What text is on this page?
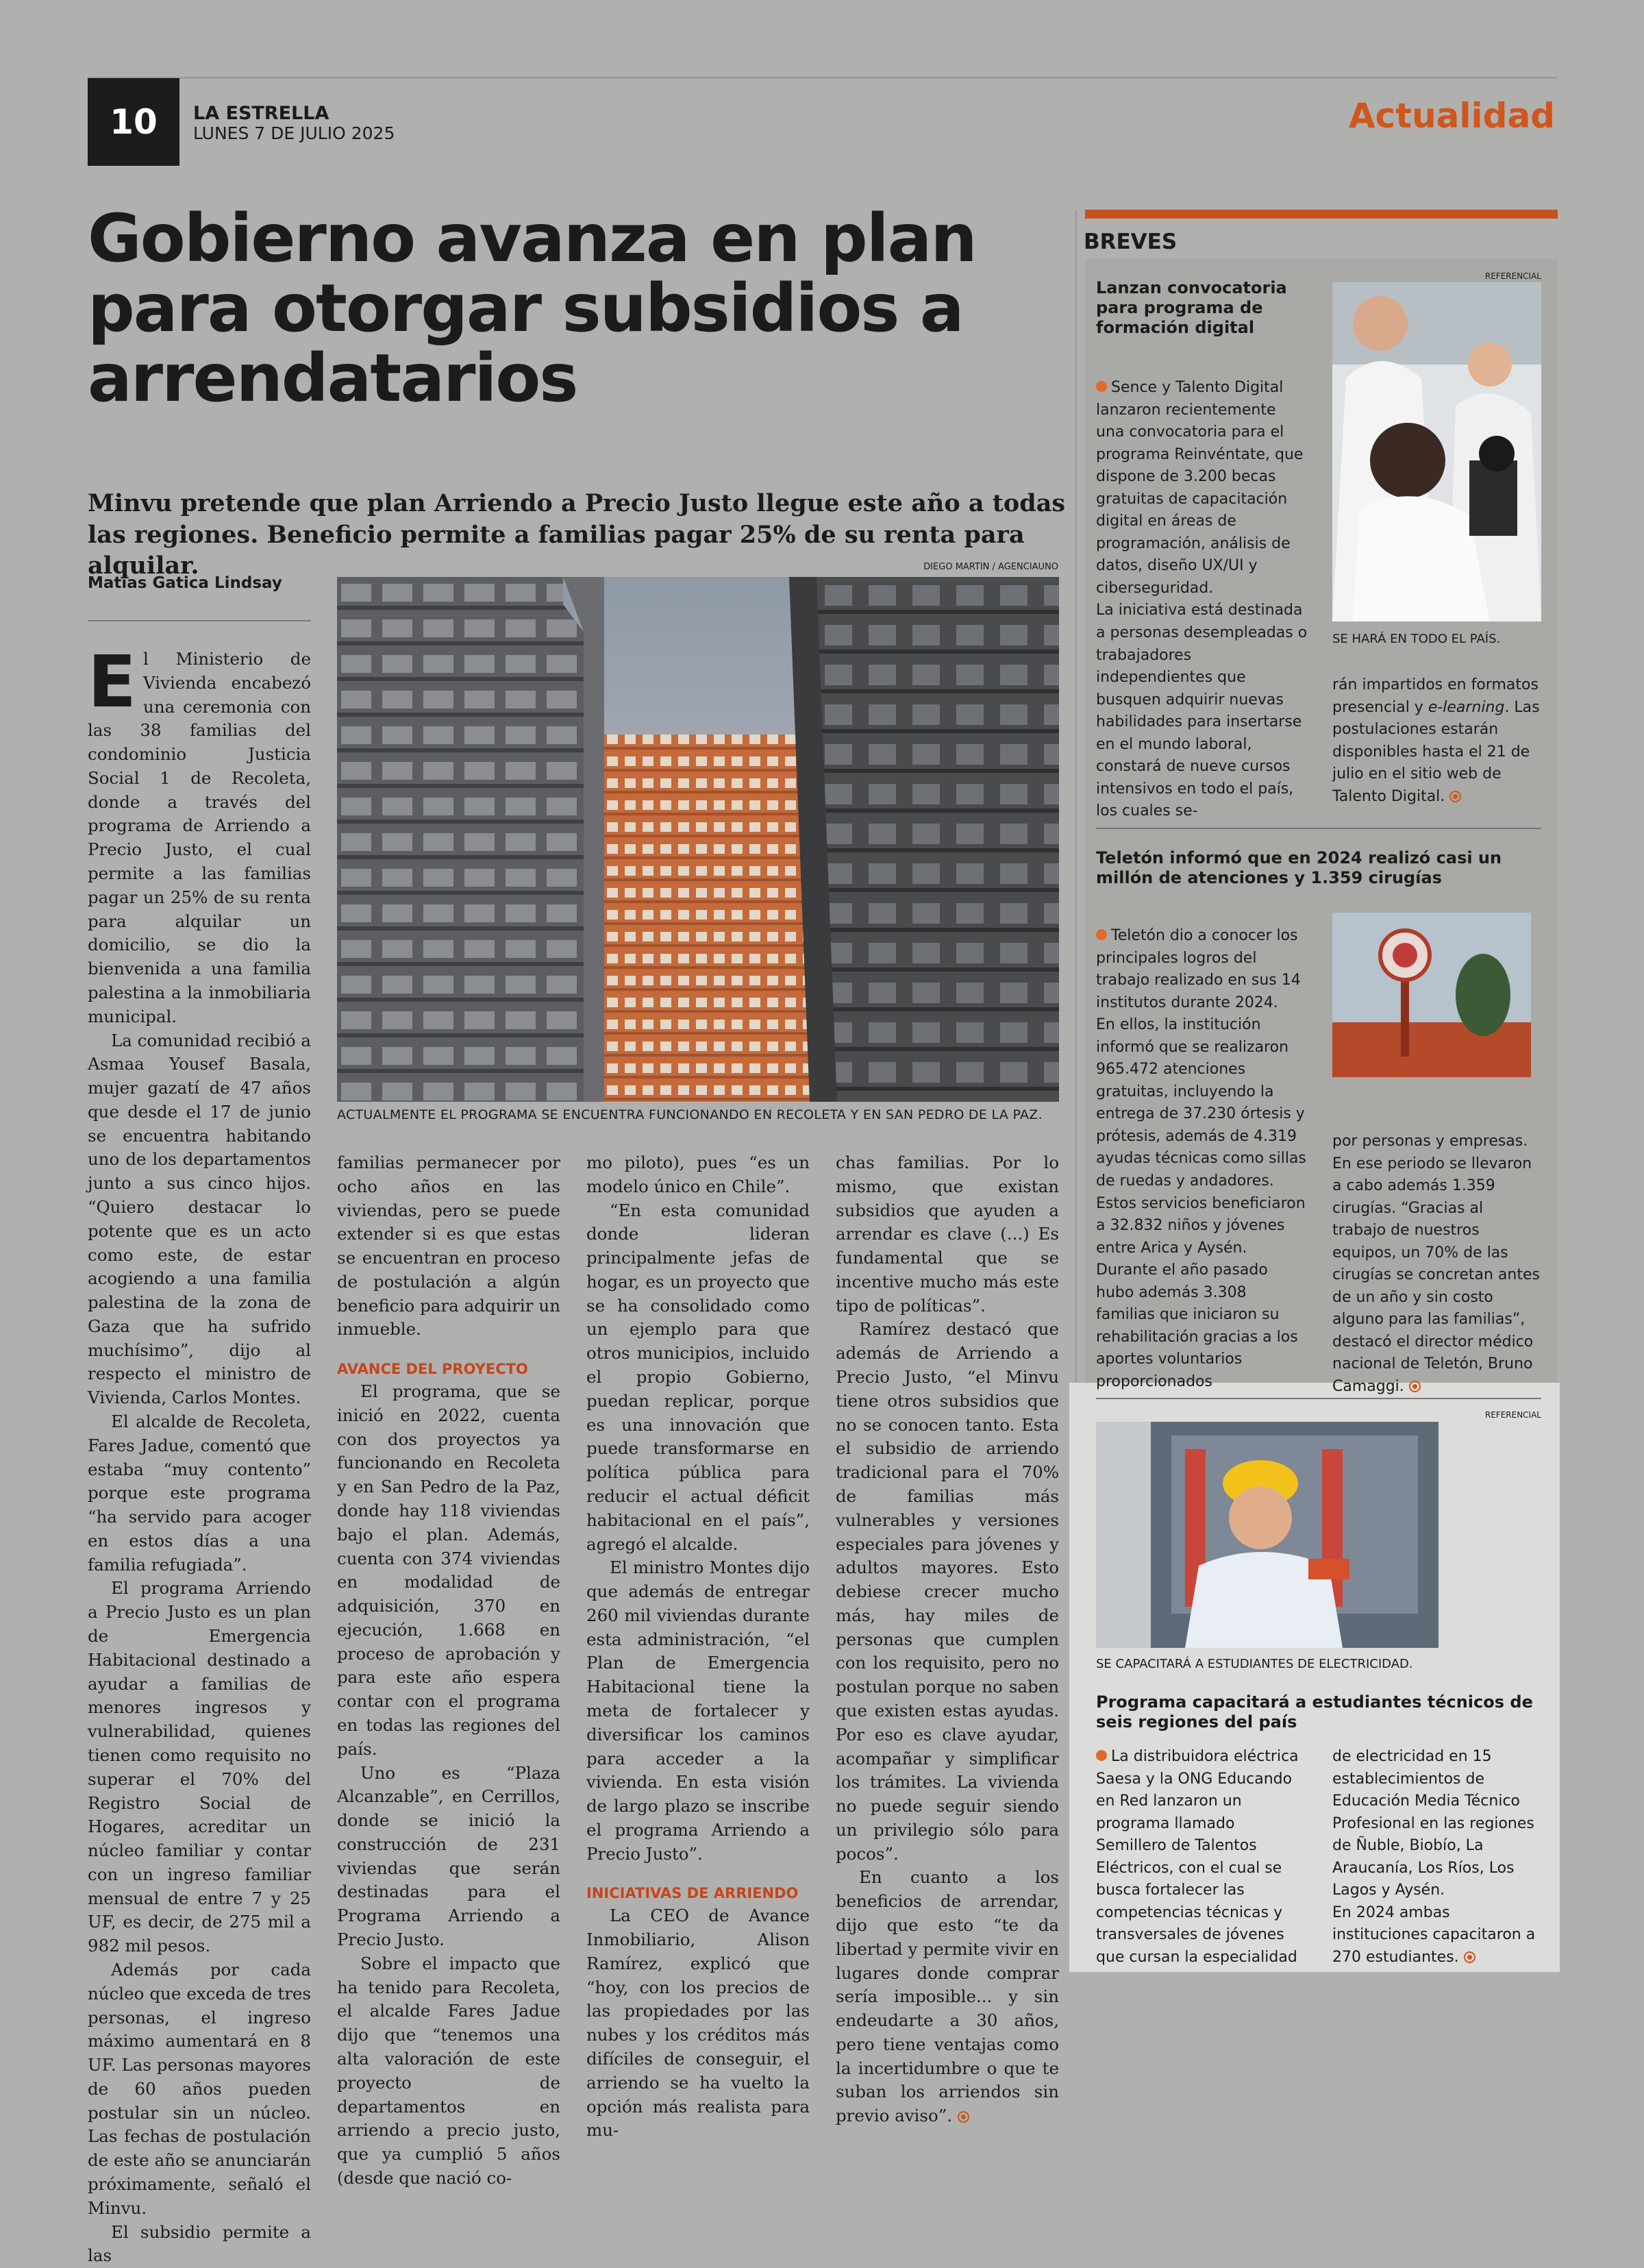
10	LA ESTRELLA
LUNES 7 DE JULIO 2025	Actualidad
Gobierno avanza en plan
para otorgar subsidios a
arrendatarios
Minvu pretende que plan Arriendo a Precio Justo llegue este año a todas las regiones. Beneficio permite a familias pagar 25% de su renta para alquilar.
Matías Gatica Lindsay
DIEGO MARTIN / AGENCIAUNO
ACTUALMENTE EL PROGRAMA SE ENCUENTRA FUNCIONANDO EN RECOLETA Y EN SAN PEDRO DE LA PAZ.

El Ministerio de Vivienda encabezó una ceremonia con las 38 familias del condominio Justicia Social 1 de Recoleta, donde a través del programa de Arriendo a Precio Justo, el cual permite a las familias pagar un 25% de su renta para alquilar un domicilio, se dio la bienvenida a una familia palestina a la inmobiliaria municipal.

La comunidad recibió a Asmaa Yousef Basala, mujer gazatí de 47 años que desde el 17 de junio se encuentra habitando uno de los departamentos junto a sus cinco hijos. “Quiero destacar lo potente que es un acto como este, de estar acogiendo a una familia palestina de la zona de Gaza que ha sufrido muchísimo”, dijo al respecto el ministro de Vivienda, Carlos Montes.

El alcalde de Recoleta, Fares Jadue, comentó que estaba “muy contento” porque este programa “ha servido para acoger en estos días a una familia refugiada”.

El programa Arriendo a Precio Justo es un plan de Emergencia Habitacional destinado a ayudar a familias de menores ingresos y vulnerabilidad, quienes tienen como requisito no superar el 70% del Registro Social de Hogares, acreditar un núcleo familiar y contar con un ingreso familiar mensual de entre 7 y 25 UF, es decir, de 275 mil a 982 mil pesos.

Además por cada núcleo que exceda de tres personas, el ingreso máximo aumentará en 8 UF. Las personas mayores de 60 años pueden postular sin un núcleo. Las fechas de postulación de este año se anunciarán próximamente, señaló el Minvu.

El subsidio permite a las

familias permanecer por ocho años en las viviendas, pero se puede extender si es que estas se encuentran en proceso de postulación a algún beneficio para adquirir un inmueble.

AVANCE DEL PROYECTO

El programa, que se inició en 2022, cuenta con dos proyectos ya funcionando en Recoleta y en San Pedro de la Paz, donde hay 118 viviendas bajo el plan. Además, cuenta con 374 viviendas en modalidad de adquisición, 370 en ejecución, 1.668 en proceso de aprobación y para este año espera contar con el programa en todas las regiones del país.

Uno es “Plaza Alcanzable”, en Cerrillos, donde se inició la construcción de 231 viviendas que serán destinadas para el Programa Arriendo a Precio Justo.

Sobre el impacto que ha tenido para Recoleta, el alcalde Fares Jadue dijo que “tenemos una alta valoración de este proyecto de departamentos en arriendo a precio justo, que ya cumplió 5 años (desde que nació co-

mo piloto), pues “es un modelo único en Chile”.

“En esta comunidad donde lideran principalmente jefas de hogar, es un proyecto que se ha consolidado como un ejemplo para que otros municipios, incluido el propio Gobierno, puedan replicar, porque es una innovación que puede transformarse en política pública para reducir el actual déficit habitacional en el país”, agregó el alcalde.

El ministro Montes dijo que además de entregar 260 mil viviendas durante esta administración, “el Plan de Emergencia Habitacional tiene la meta de fortalecer y diversificar los caminos para acceder a la vivienda. En esta visión de largo plazo se inscribe el programa Arriendo a Precio Justo”.

INICIATIVAS DE ARRIENDO

La CEO de Avance Inmobiliario, Alison Ramírez, explicó que “hoy, con los precios de las propiedades por las nubes y los créditos más difíciles de conseguir, el arriendo se ha vuelto la opción más realista para mu-

chas familias. Por lo mismo, que existan subsidios que ayuden a arrendar es clave (...) Es fundamental que se incentive mucho más este tipo de políticas”.

Ramírez destacó que además de Arriendo a Precio Justo, “el Minvu tiene otros subsidios que no se conocen tanto. Esta el subsidio de arriendo tradicional para el 70% de familias más vulnerables y versiones especiales para jóvenes y adultos mayores. Esto debiese crecer mucho más, hay miles de personas que cumplen con los requisito, pero no postulan porque no saben que existen estas ayudas. Por eso es clave ayudar, acompañar y simplificar los trámites. La vivienda no puede seguir siendo un privilegio sólo para pocos”.

En cuanto a los beneficios de arrendar, dijo que esto “te da libertad y permite vivir en lugares donde comprar sería imposible... y sin endeudarte a 30 años, pero tiene ventajas como la incertidumbre o que te suban los arriendos sin previo aviso”.

BREVES
Lanzan convocatoria para programa de formación digital
REFERENCIAL
Sence y Talento Digital lanzaron recientemente una convocatoria para el programa Reinvéntate, que dispone de 3.200 becas gratuitas de capacitación digital en áreas de programación, análisis de datos, diseño UX/UI y ciberseguridad.
La iniciativa está destinada a personas desempleadas o trabajadores independientes que busquen adquirir nuevas habilidades para insertarse en el mundo laboral, constará de nueve cursos intensivos en todo el país, los cuales se-
SE HARÁ EN TODO EL PAÍS.
rán impartidos en formatos presencial y e-learning. Las postulaciones estarán disponibles hasta el 21 de julio en el sitio web de Talento Digital.
Teletón informó que en 2024 realizó casi un millón de atenciones y 1.359 cirugías
Teletón dio a conocer los principales logros del trabajo realizado en sus 14 institutos durante 2024.
En ellos, la institución informó que se realizaron 965.472 atenciones gratuitas, incluyendo la entrega de 37.230 órtesis y prótesis, además de 4.319 ayudas técnicas como sillas de ruedas y andadores.
Estos servicios beneficiaron a 32.832 niños y jóvenes entre Arica y Aysén.
Durante el año pasado hubo además 3.308 familias que iniciaron su rehabilitación gracias a los aportes voluntarios proporcionados
por personas y empresas. En ese periodo se llevaron a cabo además 1.359 cirugías. “Gracias al trabajo de nuestros equipos, un 70% de las cirugías se concretan antes de un año y sin costo alguno para las familias”, destacó el director médico nacional de Teletón, Bruno Camaggi.
REFERENCIAL
SE CAPACITARÁ A ESTUDIANTES DE ELECTRICIDAD.
Programa capacitará a estudiantes técnicos de seis regiones del país
La distribuidora eléctrica Saesa y la ONG Educando en Red lanzaron un programa llamado Semillero de Talentos Eléctricos, con el cual se busca fortalecer las competencias técnicas y transversales de jóvenes que cursan la especialidad
de electricidad en 15 establecimientos de Educación Media Técnico Profesional en las regiones de Ñuble, Biobío, La Araucanía, Los Ríos, Los Lagos y Aysén.
En 2024 ambas instituciones capacitaron a 270 estudiantes.
